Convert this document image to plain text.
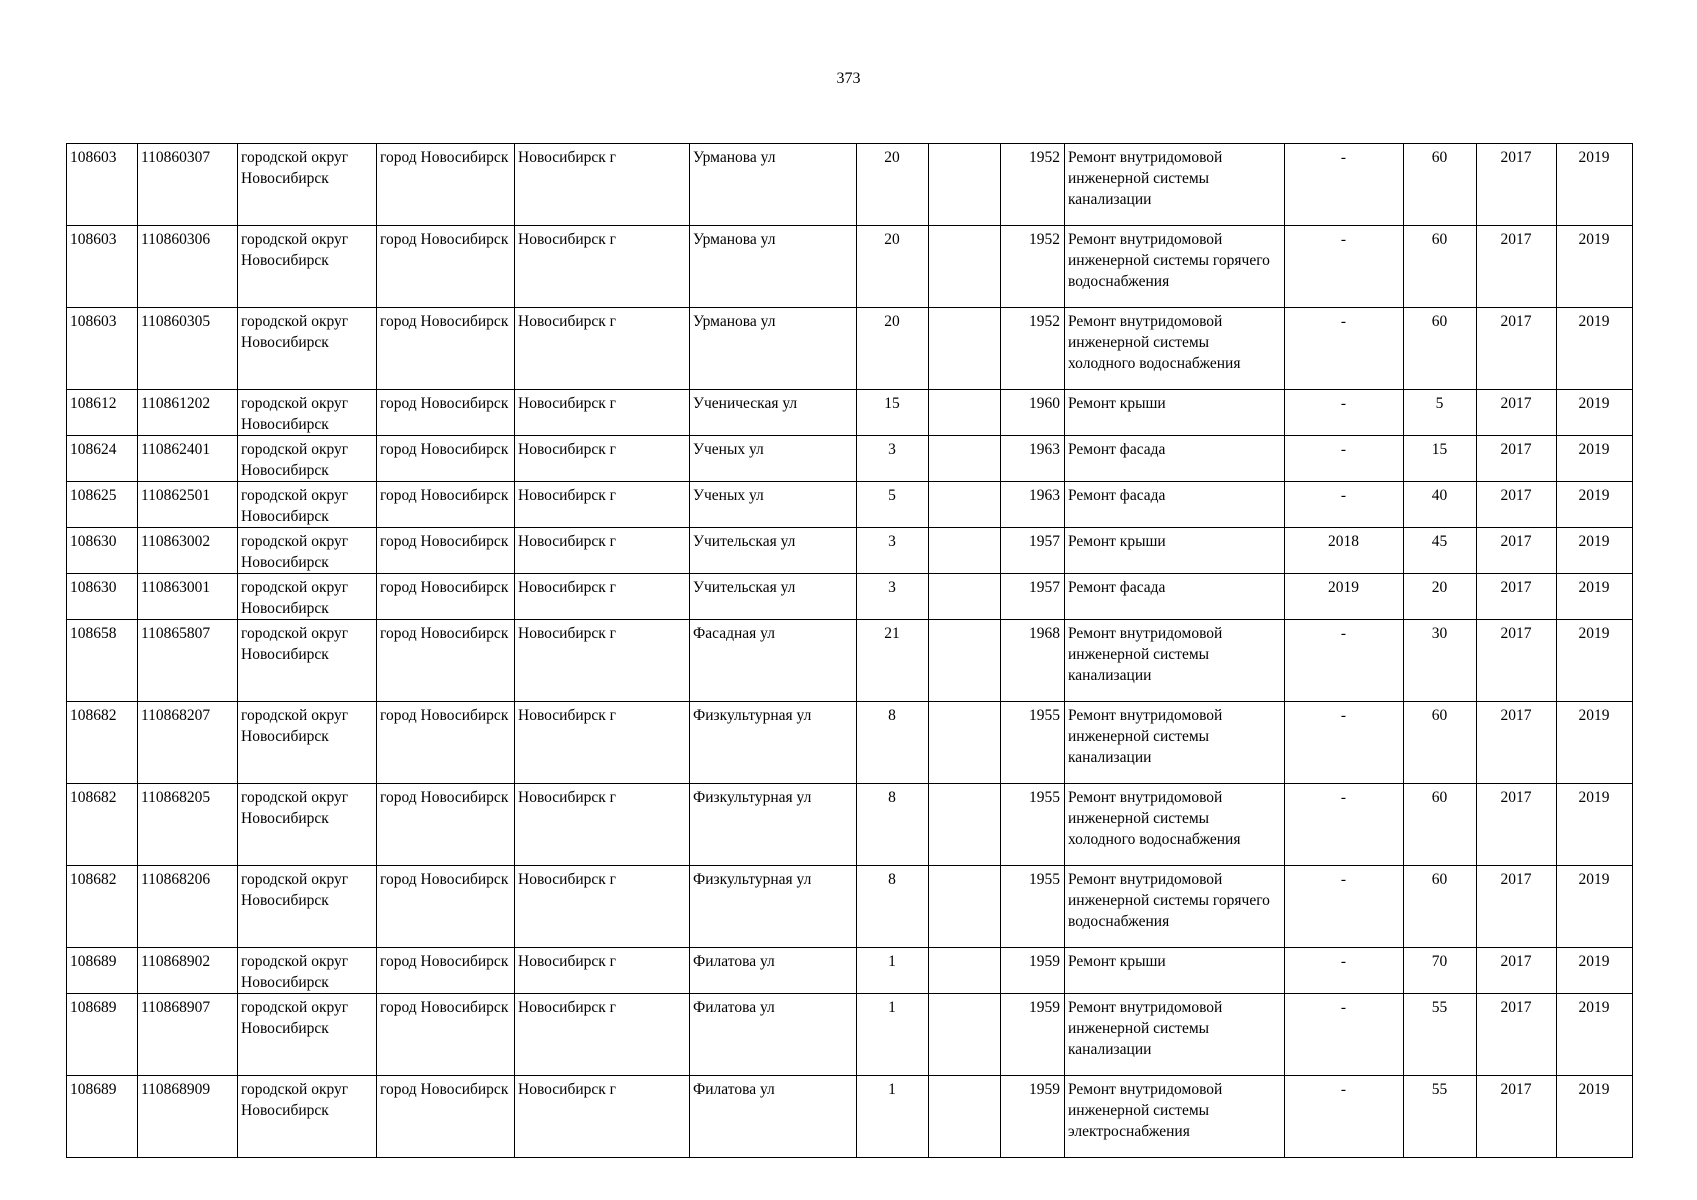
373
108603	110860307	городской округ Новосибирск	город Новосибирск	Новосибирск г	Урманова ул	20		1952	Ремонт внутридомовой инженерной системы канализации	-	60	2017	2019
108603	110860306	городской округ Новосибирск	город Новосибирск	Новосибирск г	Урманова ул	20		1952	Ремонт внутридомовой инженерной системы горячего водоснабжения	-	60	2017	2019
108603	110860305	городской округ Новосибирск	город Новосибирск	Новосибирск г	Урманова ул	20		1952	Ремонт внутридомовой инженерной системы холодного водоснабжения	-	60	2017	2019
108612	110861202	городской округ Новосибирск	город Новосибирск	Новосибирск г	Ученическая ул	15		1960	Ремонт крыши	-	5	2017	2019
108624	110862401	городской округ Новосибирск	город Новосибирск	Новосибирск г	Ученых ул	3		1963	Ремонт фасада	-	15	2017	2019
108625	110862501	городской округ Новосибирск	город Новосибирск	Новосибирск г	Ученых ул	5		1963	Ремонт фасада	-	40	2017	2019
108630	110863002	городской округ Новосибирск	город Новосибирск	Новосибирск г	Учительская ул	3		1957	Ремонт крыши	2018	45	2017	2019
108630	110863001	городской округ Новосибирск	город Новосибирск	Новосибирск г	Учительская ул	3		1957	Ремонт фасада	2019	20	2017	2019
108658	110865807	городской округ Новосибирск	город Новосибирск	Новосибирск г	Фасадная ул	21		1968	Ремонт внутридомовой инженерной системы канализации	-	30	2017	2019
108682	110868207	городской округ Новосибирск	город Новосибирск	Новосибирск г	Физкультурная ул	8		1955	Ремонт внутридомовой инженерной системы канализации	-	60	2017	2019
108682	110868205	городской округ Новосибирск	город Новосибирск	Новосибирск г	Физкультурная ул	8		1955	Ремонт внутридомовой инженерной системы холодного водоснабжения	-	60	2017	2019
108682	110868206	городской округ Новосибирск	город Новосибирск	Новосибирск г	Физкультурная ул	8		1955	Ремонт внутридомовой инженерной системы горячего водоснабжения	-	60	2017	2019
108689	110868902	городской округ Новосибирск	город Новосибирск	Новосибирск г	Филатова ул	1		1959	Ремонт крыши	-	70	2017	2019
108689	110868907	городской округ Новосибирск	город Новосибирск	Новосибирск г	Филатова ул	1		1959	Ремонт внутридомовой инженерной системы канализации	-	55	2017	2019
108689	110868909	городской округ Новосибирск	город Новосибирск	Новосибирск г	Филатова ул	1		1959	Ремонт внутридомовой инженерной системы электроснабжения	-	55	2017	2019
